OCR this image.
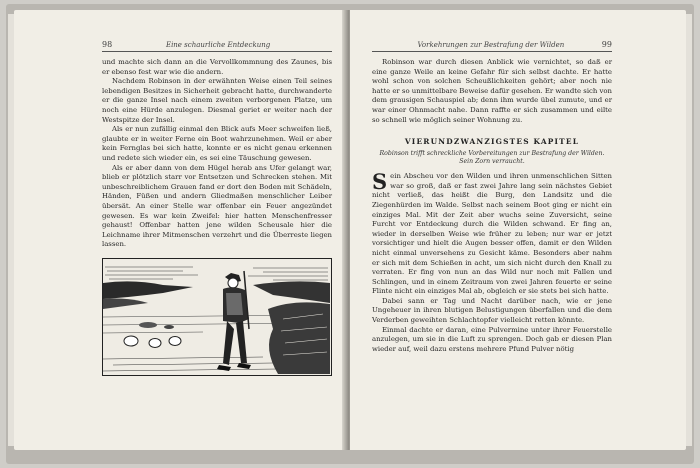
98	Eine schaurliche Entdeckung

und machte sich dann an die Vervollkommnung des Zaunes, bis er ebenso fest war wie die andern.

Nachdem Robinson in der erwähnten Weise einen Teil seines lebendigen Besitzes in Sicherheit gebracht hatte, durchwanderte er die ganze Insel nach einem zweiten verborgenen Platze, um noch eine Hürde anzulegen. Diesmal geriet er weiter nach der Westspitze der Insel.

Als er nun zufällig einmal den Blick aufs Meer schweifen ließ, glaubte er in weiter Ferne ein Boot wahrzunehmen. Weil er aber kein Fernglas bei sich hatte, konnte er es nicht genau erkennen und redete sich wieder ein, es sei eine Täuschung gewesen.

Als er aber dann von dem Hügel herab ans Ufer gelangt war, blieb er plötzlich starr vor Entsetzen und Schrecken stehen. Mit unbeschreiblichem Grauen fand er dort den Boden mit Schädeln, Händen, Füßen und andern Gliedmaßen menschlicher Leiber übersät. An einer Stelle war offenbar ein Feuer angezündet gewesen. Es war kein Zweifel: hier hatten Menschenfresser gehaust! Offenbar hatten jene wilden Scheusale hier die Leichname ihrer Mitmenschen verzehrt und die Überreste liegen lassen.

Vorkehrungen zur Bestrafung der Wilden	99

Robinson war durch diesen Anblick wie vernichtet, so daß er eine ganze Weile an keine Gefahr für sich selbst dachte. Er hatte wohl schon von solchen Scheußlichkeiten gehört; aber noch nie hatte er so unmittelbare Beweise dafür gesehen. Er wandte sich von dem grausigen Schauspiel ab; denn ihm wurde übel zumute, und er war einer Ohnmacht nahe. Dann raffte er sich zusammen und eilte so schnell wie möglich seiner Wohnung zu.

VIERUNDZWANZIGSTES KAPITEL
Robinson trifft schreckliche Vorbereitungen zur Bestrafung der Wilden. Sein Zorn verraucht.

Sein Abscheu vor den Wilden und ihren unmenschlichen Sitten war so groß, daß er fast zwei Jahre lang sein nächstes Gebiet nicht verließ, das heißt die Burg, den Landsitz und die Ziegenhürden im Walde. Selbst nach seinem Boot ging er nicht ein einziges Mal. Mit der Zeit aber wuchs seine Zuversicht, seine Furcht vor Entdeckung durch die Wilden schwand. Er fing an, wieder in derselben Weise wie früher zu leben; nur war er jetzt vorsichtiger und hielt die Augen besser offen, damit er den Wilden nicht einmal unversehens zu Gesicht käme. Besonders aber nahm er sich mit dem Schießen in acht, um sich nicht durch den Knall zu verraten. Er fing von nun an das Wild nur noch mit Fallen und Schlingen, und in einem Zeitraum von zwei Jahren feuerte er seine Flinte nicht ein einziges Mal ab, obgleich er sie stets bei sich hatte.

Dabei sann er Tag und Nacht darüber nach, wie er jene Ungeheuer in ihren blutigen Belustigungen überfallen und die dem Verderben geweihten Schlachtopfer vielleicht retten könnte.

Einmal dachte er daran, eine Pulvermine unter ihrer Feuerstelle anzulegen, um sie in die Luft zu sprengen. Doch gab er diesen Plan wieder auf, weil dazu erstens mehrere Pfund Pulver nötig
